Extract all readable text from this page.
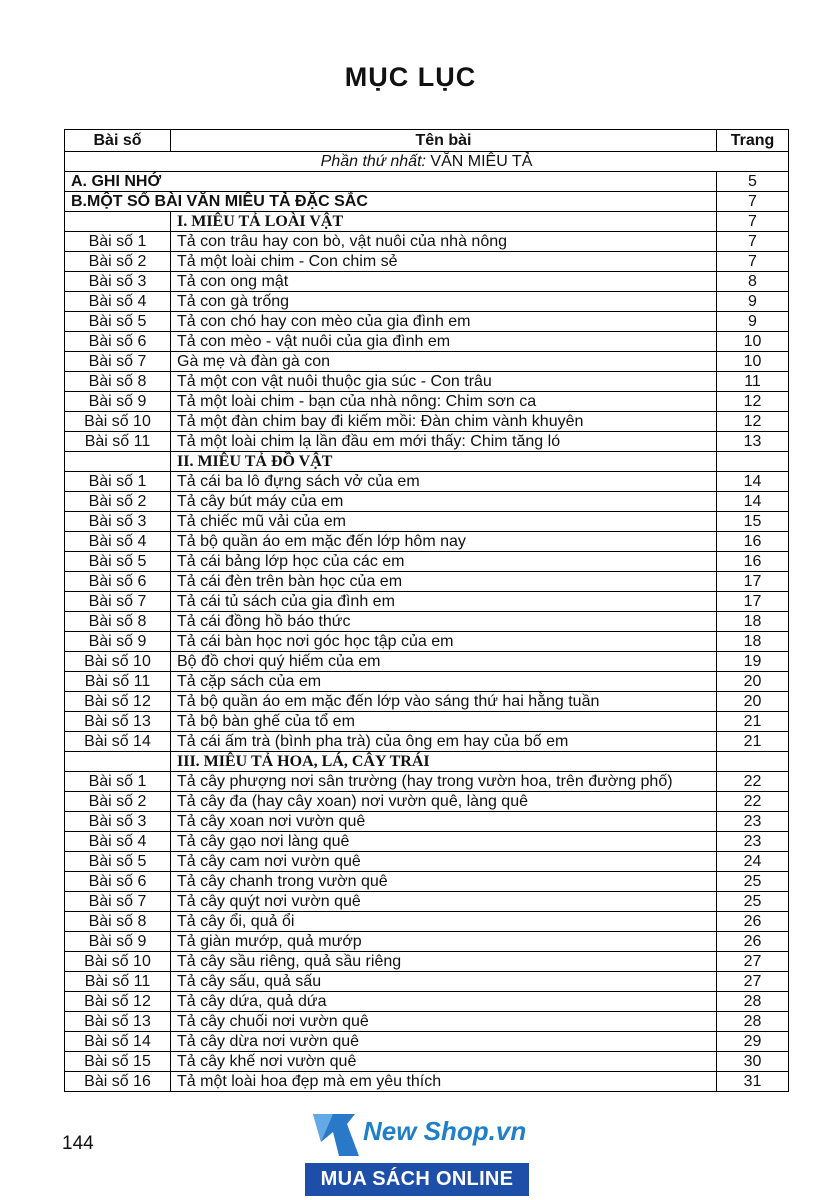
MỤC LỤC
Bài số	Tên bài	Trang
Phần thứ nhất: VĂN MIÊU TẢ		
A. GHI NHỚ		5
B.MỘT SỐ BÀI VĂN MIÊU TẢ ĐẶC SẮC		7
	I. MIÊU TẢ LOÀI VẬT	7
Bài số 1	Tả con trâu hay con bò, vật nuôi của nhà nông	7
Bài số 2	Tả một loài chim - Con chim sẻ	7
Bài số 3	Tả con ong mật	8
Bài số 4	Tả con gà trống	9
Bài số 5	Tả con chó hay con mèo của gia đình em	9
Bài số 6	Tả con mèo - vật nuôi của gia đình em	10
Bài số 7	Gà mẹ và đàn gà con	10
Bài số 8	Tả một con vật nuôi thuộc gia súc - Con trâu	11
Bài số 9	Tả một loài chim - bạn của nhà nông: Chim sơn ca	12
Bài số 10	Tả một đàn chim bay đi kiếm mồi: Đàn chim vành khuyên	12
Bài số 11	Tả một loài chim lạ lần đầu em mới thấy: Chim tăng ló	13
	II. MIÊU TẢ ĐỒ VẬT	
Bài số 1	Tả cái ba lô đựng sách vở của em	14
Bài số 2	Tả cây bút máy của em	14
Bài số 3	Tả chiếc mũ vải của em	15
Bài số 4	Tả bộ quần áo em mặc đến lớp hôm nay	16
Bài số 5	Tả cái bảng lớp học của các em	16
Bài số 6	Tả cái đèn trên bàn học của em	17
Bài số 7	Tả cái tủ sách của gia đình em	17
Bài số 8	Tả cái đồng hồ báo thức	18
Bài số 9	Tả cái bàn học nơi góc học tập của em	18
Bài số 10	Bộ đồ chơi quý hiếm của em	19
Bài số 11	Tả cặp sách của em	20
Bài số 12	Tả bộ quần áo em mặc đến lớp vào sáng thứ hai hằng tuần	20
Bài số 13	Tả bộ bàn ghế của tổ em	21
Bài số 14	Tả cái ấm trà (bình pha trà) của ông em hay của bố em	21
	III. MIÊU TẢ HOA, LÁ, CÂY TRÁI	
Bài số 1	Tả cây phượng nơi sân trường (hay trong vườn hoa, trên đường phố)	22
Bài số 2	Tả cây đa (hay cây xoan) nơi vườn quê, làng quê	22
Bài số 3	Tả cây xoan nơi vườn quê	23
Bài số 4	Tả cây gạo nơi làng quê	23
Bài số 5	Tả cây cam nơi vườn quê	24
Bài số 6	Tả cây chanh trong vườn quê	25
Bài số 7	Tả cây quýt nơi vườn quê	25
Bài số 8	Tả cây ổi, quả ổi	26
Bài số 9	Tả giàn mướp, quả mướp	26
Bài số 10	Tả cây sầu riêng, quả sầu riêng	27
Bài số 11	Tả cây sấu, quả sấu	27
Bài số 12	Tả cây dứa, quả dứa	28
Bài số 13	Tả cây chuối nơi vườn quê	28
Bài số 14	Tả cây dừa nơi vườn quê	29
Bài số 15	Tả cây khế nơi vườn quê	30
Bài số 16	Tả một loài hoa đẹp mà em yêu thích	31
144	New Shop.vn
MUA SÁCH ONLINE
